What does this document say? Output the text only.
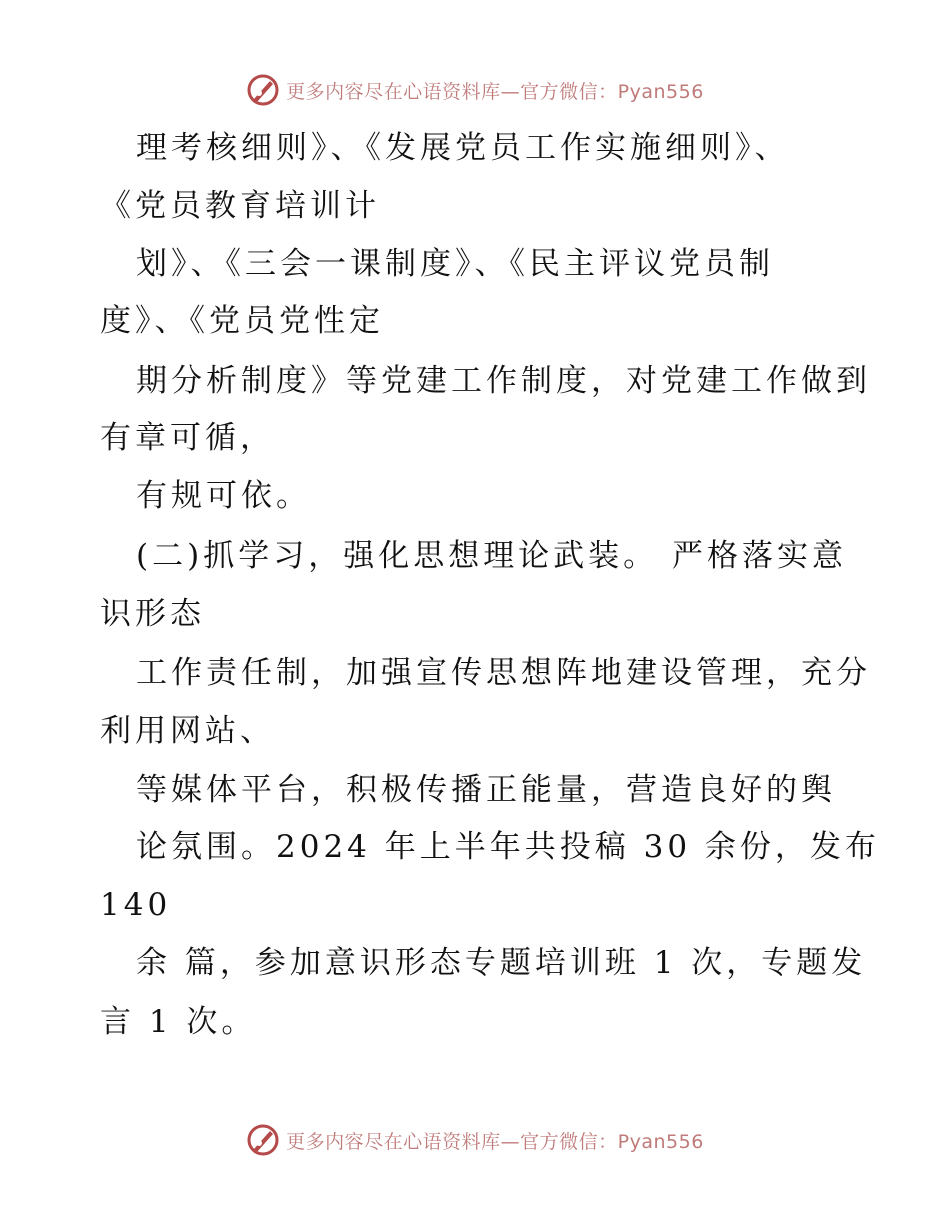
更多内容尽在心语资料库—官方微信：Pyan556
理考核细则》、《发展党员工作实施细则》、
《党员教育培训计
划》、《三会一课制度》、《民主评议党员制
度》、《党员党性定
期分析制度》等党建工作制度，对党建工作做到
有章可循，
有规可依。
(二)抓学习，强化思想理论武装。 严格落实意
识形态
工作责任制，加强宣传思想阵地建设管理，充分
利用网站、
等媒体平台，积极传播正能量，营造良好的舆
论氛围。2024 年上半年共投稿 30 余份，发布
140
余 篇，参加意识形态专题培训班 1 次，专题发
言 1 次。
更多内容尽在心语资料库—官方微信：Pyan556
